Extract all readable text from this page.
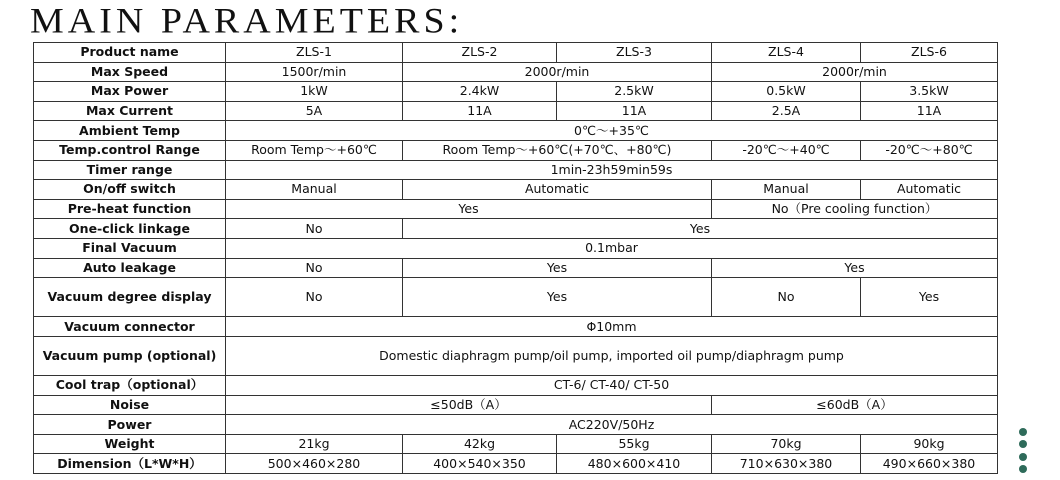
MAIN PARAMETERS:
Product name	ZLS-1	ZLS-2	ZLS-3	ZLS-4	ZLS-6
Max Speed	1500r/min	2000r/min		2000r/min	
Max Power	1kW	2.4kW	2.5kW	0.5kW	3.5kW
Max Current	5A	11A	11A	2.5A	11A
Ambient Temp	0℃～+35℃				
Temp.control Range	Room Temp～+60℃	Room Temp～+60℃(+70℃、+80℃)		-20℃～+40℃	-20℃～+80℃
Timer range	1min-23h59min59s				
On/off switch	Manual	Automatic		Manual	Automatic
Pre-heat function	Yes			No（Pre cooling function）	
One-click linkage	No	Yes			
Final Vacuum	0.1mbar				
Auto leakage	No	Yes		Yes	
Vacuum degree display	No	Yes		No	Yes
Vacuum connector	Φ10mm				
Vacuum pump (optional)	Domestic diaphragm pump/oil pump, imported oil pump/diaphragm pump				
Cool trap（optional）	CT-6/ CT-40/ CT-50				
Noise	≤50dB（A）			≤60dB（A）	
Power	AC220V/50Hz				
Weight	21kg	42kg	55kg	70kg	90kg
Dimension（L*W*H）	500×460×280	400×540×350	480×600×410	710×630×380	490×660×380
